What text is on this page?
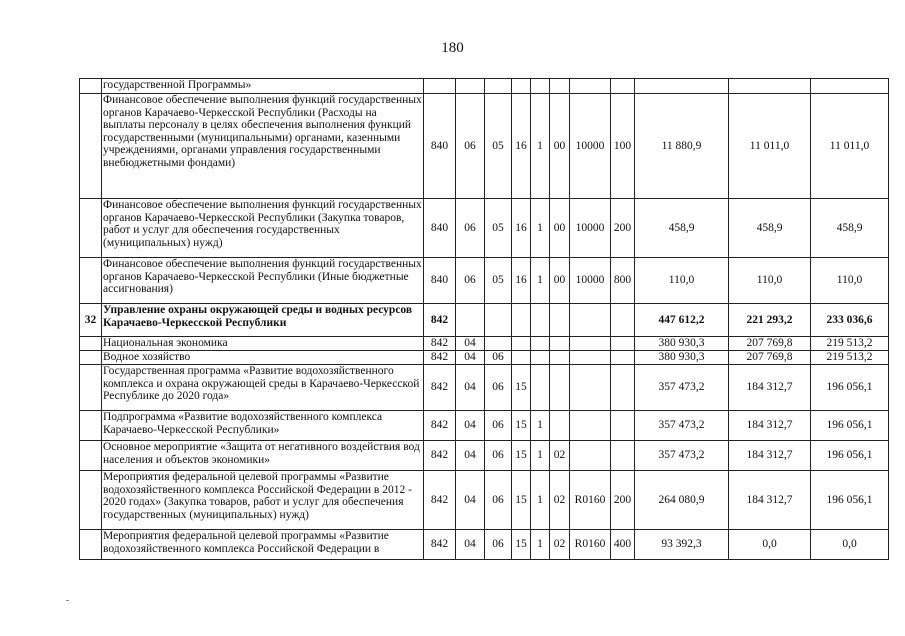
180
	государственной Программы»											
	Финансовое обеспечение выполнения функций государственных органов Карачаево-Черкесской Республики (Расходы на выплаты персоналу в целях обеспечения выполнения функций государственными (муниципальными) органами, казенными учреждениями, органами управления государственными внебюджетными фондами)	840	06	05	16	1	00	10000	100	11 880,9	11 011,0	11 011,0
	Финансовое обеспечение выполнения функций государственных органов Карачаево-Черкесской Республики (Закупка товаров, работ и услуг для обеспечения государственных (муниципальных) нужд)	840	06	05	16	1	00	10000	200	458,9	458,9	458,9
	Финансовое обеспечение выполнения функций государственных органов Карачаево-Черкесской Республики (Иные бюджетные ассигнования)	840	06	05	16	1	00	10000	800	110,0	110,0	110,0
32	Управление охраны окружающей среды и водных ресурсов Карачаево-Черкесской Республики	842								447 612,2	221 293,2	233 036,6
	Национальная экономика	842	04							380 930,3	207 769,8	219 513,2
	Водное хозяйство	842	04	06						380 930,3	207 769,8	219 513,2
	Государственная программа «Развитие водохозяйственного комплекса и охрана окружающей среды в Карачаево-Черкесской Республике до 2020 года»	842	04	06	15					357 473,2	184 312,7	196 056,1
	Подпрограмма «Развитие водохозяйственного комплекса Карачаево-Черкесской Республики»	842	04	06	15	1				357 473,2	184 312,7	196 056,1
	Основное мероприятие «Защита от негативного воздействия вод населения и объектов экономики»	842	04	06	15	1	02			357 473,2	184 312,7	196 056,1
	Мероприятия федеральной целевой программы «Развитие водохозяйственного комплекса Российской Федерации в 2012 - 2020 годах» (Закупка товаров, работ и услуг для обеспечения государственных (муниципальных) нужд)	842	04	06	15	1	02	R0160	200	264 080,9	184 312,7	196 056,1
	Мероприятия федеральной целевой программы «Развитие водохозяйственного комплекса Российской Федерации в	842	04	06	15	1	02	R0160	400	93 392,3	0,0	0,0
